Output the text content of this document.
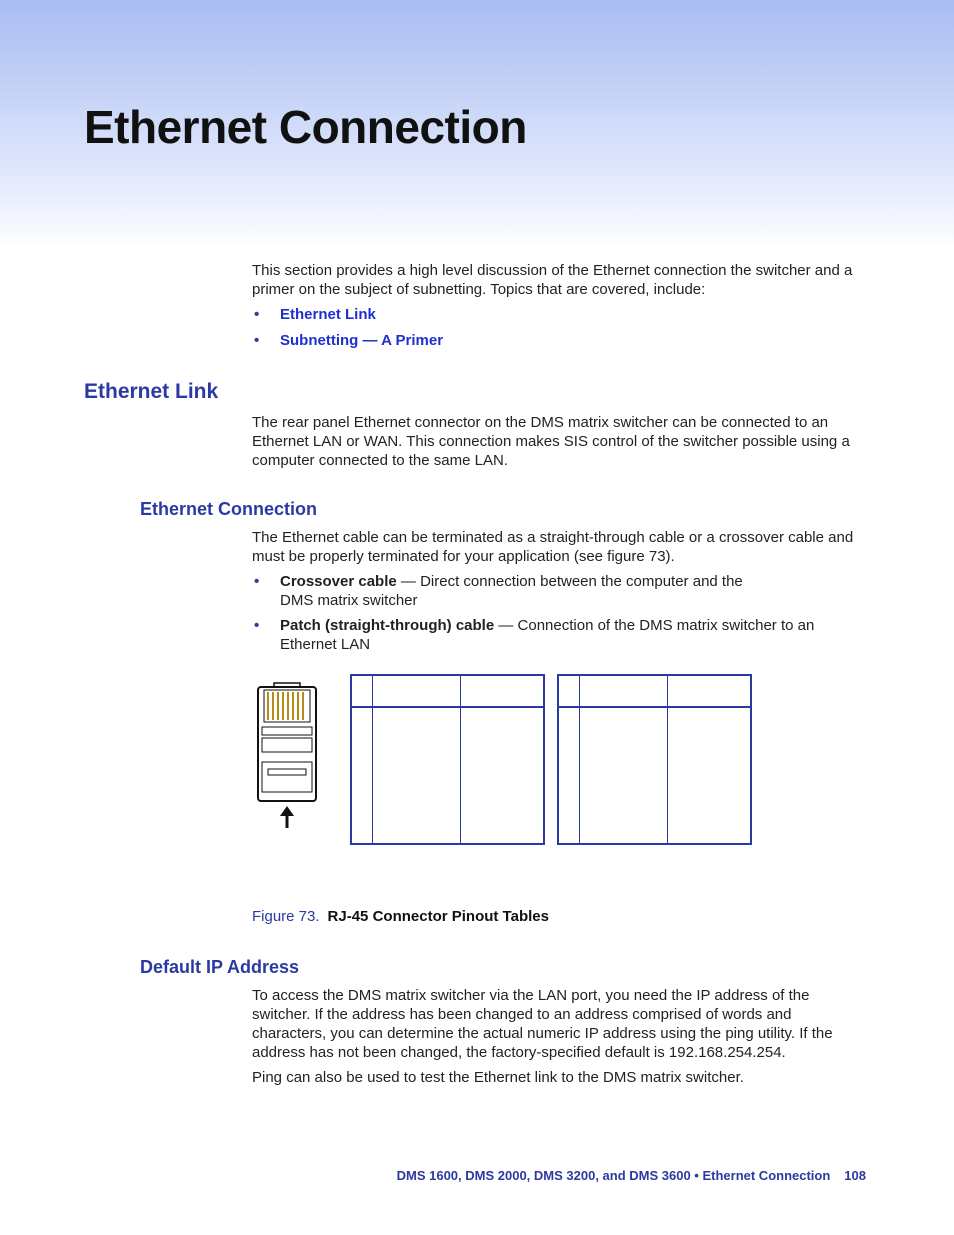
Ethernet Connection

This section provides a high level discussion of the Ethernet connection the switcher and a primer on the subject of subnetting. Topics that are covered, include:

• Ethernet Link
• Subnetting — A Primer
Ethernet Link

The rear panel Ethernet connector on the DMS matrix switcher can be connected to an Ethernet LAN or WAN. This connection makes SIS control of the switcher possible using a computer connected to the same LAN.

Ethernet Connection

The Ethernet cable can be terminated as a straight-through cable or a crossover cable and must be properly terminated for your application (see figure 73).

• Crossover cable — Direct connection between the computer and the DMS matrix switcher
• Patch (straight-through) cable — Connection of the DMS matrix switcher to an Ethernet LAN

Figure 73. RJ-45 Connector Pinout Tables

Default IP Address

To access the DMS matrix switcher via the LAN port, you need the IP address of the switcher. If the address has been changed to an address comprised of words and characters, you can determine the actual numeric IP address using the ping utility. If the address has not been changed, the factory-specified default is 192.168.254.254.

Ping can also be used to test the Ethernet link to the DMS matrix switcher.

DMS 1600, DMS 2000, DMS 3200, and DMS 3600 • Ethernet Connection 108
